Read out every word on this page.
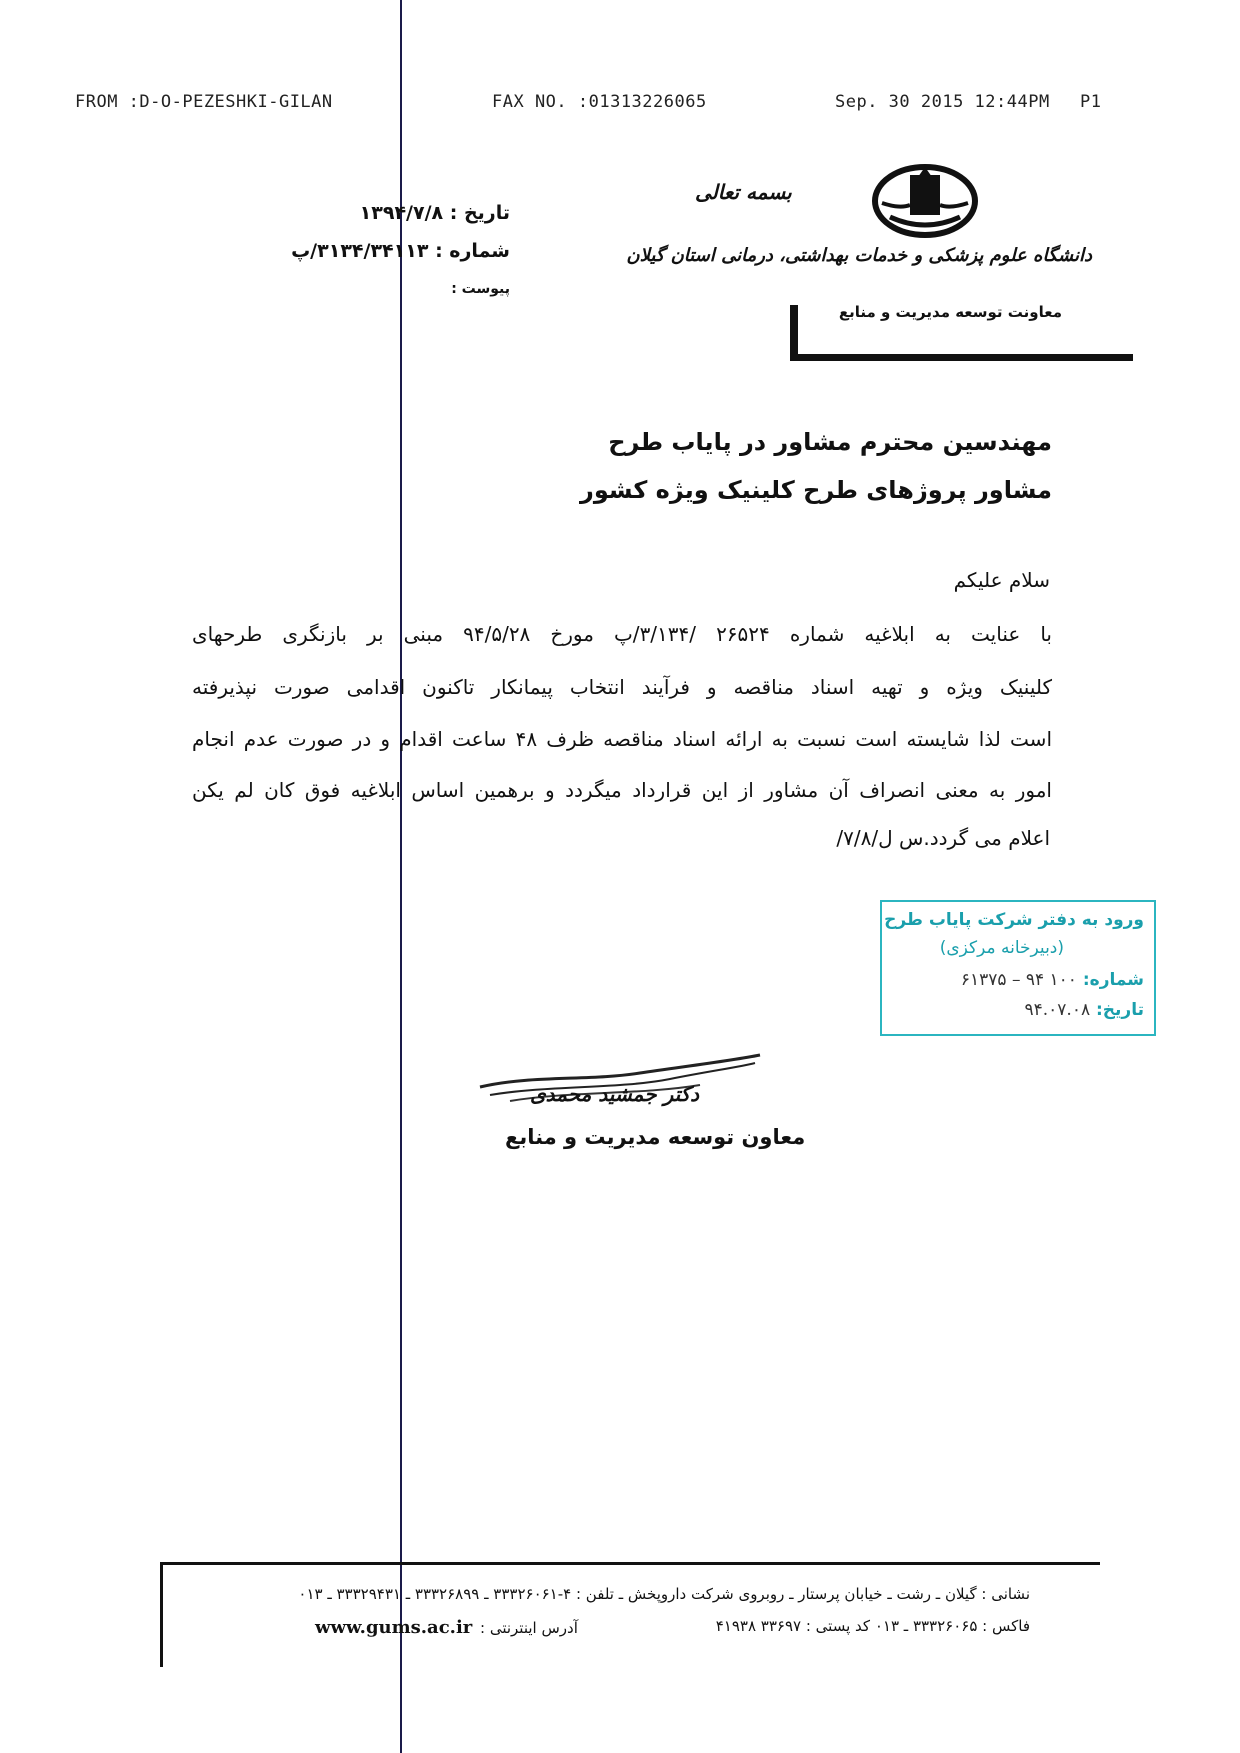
FROM :D-O-PEZESHKI-GILAN	FAX NO. :01313226065	Sep. 30 2015 12:44PM P1
تاریخ : ۱۳۹۴/۷/۸
شماره : ۳۱۳۴/۳۴۱۱۳/پ
پیوست :
بسمه تعالی
دانشگاه علوم پزشکی و خدمات بهداشتی، درمانی استان گیلان
معاونت توسعه مدیریت و منابع
مهندسین محترم مشاور در پایاب طرح
مشاور پروژهای طرح کلینیک ویژه کشور
سلام علیکم
با عنایت به ابلاغیه شماره ۲۶۵۲۴ /۳/۱۳۴/پ مورخ ۹۴/۵/۲۸ مبنی بر بازنگری طرحهای
کلینیک ویژه و تهیه اسناد مناقصه و فرآیند انتخاب پیمانکار تاکنون اقدامی صورت نپذیرفته
است لذا شایسته است نسبت به ارائه اسناد مناقصه ظرف ۴۸ ساعت اقدام و در صورت عدم انجام
امور به معنی انصراف آن مشاور از این قرارداد میگردد و برهمین اساس ابلاغیه فوق کان لم یکن
اعلام می گردد.س ل/۷/۸/
ورود به دفتر شرکت پایاب طرح
(دبیرخانه مرکزی)
شماره: ۱۰۰ ۹۴ – ۶۱۳۷۵
تاریخ: ۹۴.۰۷.۰۸
دکتر جمشید محمدی
معاون توسعه مدیریت و منابع
نشانی : گیلان ـ رشت ـ خیابان پرستار ـ روبروی شرکت داروپخش ـ تلفن : ۴-۳۳۳۲۶۰۶۱ ـ ۳۳۳۲۶۸۹۹ ـ ۳۳۳۲۹۴۳۱ ـ ۰۱۳
فاکس : ۳۳۳۲۶۰۶۵ ـ ۰۱۳ کد پستی : ۳۳۶۹۷ ۴۱۹۳۸
آدرس اینترنتی :
www.gums.ac.ir
